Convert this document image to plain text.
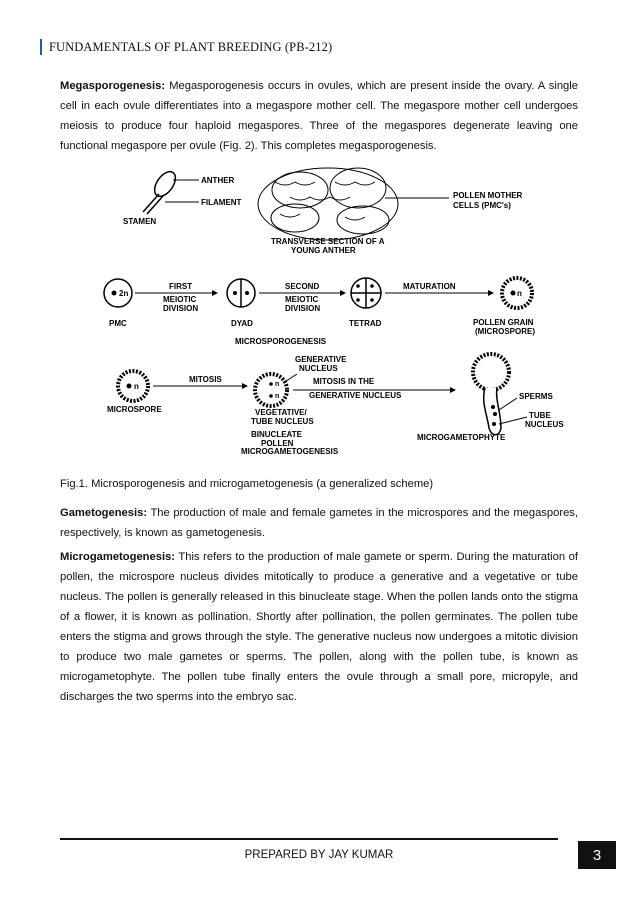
FUNDAMENTALS OF PLANT BREEDING (PB-212)
Megasporogenesis: Megasporogenesis occurs in ovules, which are present inside the ovary. A single cell in each ovule differentiates into a megaspore mother cell. The megaspore mother cell undergoes meiosis to produce four haploid megaspores. Three of the megaspores degenerate leaving one functional megaspore per ovule (Fig. 2). This completes megasporogenesis.
ANTHER
FILAMENT
STAMEN
POLLEN MOTHER
CELLS (PMC's)
TRANSVERSE SECTION OF A
YOUNG ANTHER
2n
FIRST
MEIOTIC
DIVISION
SECOND
MEIOTIC
DIVISION
MATURATION
n
PMC	DYAD	TETRAD	POLLEN GRAIN
(MICROSPORE)
MICROSPOROGENESIS
GENERATIVE
NUCLEUS
n
MITOSIS
n
n
MITOSIS IN THE
GENERATIVE NUCLEUS
MICROSPORE	VEGETATIVE/
TUBE NUCLEUS
BINUCLEATE
POLLEN
SPERMS
TUBE
NUCLEUS
MICROGAMETOPHYTE
MICROGAMETOGENESIS
Fig.1. Microsporogenesis and microgametogenesis (a generalized scheme)
Gametogenesis: The production of male and female gametes in the microspores and the megaspores, respectively, is known as gametogenesis.
Microgametogenesis: This refers to the production of male gamete or sperm. During the maturation of pollen, the microspore nucleus divides mitotically to produce a generative and a vegetative or tube nucleus. The pollen is generally released in this binucleate stage. When the pollen lands onto the stigma of a flower, it is known as pollination. Shortly after pollination, the pollen germinates. The pollen tube enters the stigma and grows through the style. The generative nucleus now undergoes a mitotic division to produce two male gametes or sperms. The pollen, along with the pollen tube, is known as microgametophyte. The pollen tube finally enters the ovule through a small pore, micropyle, and discharges the two sperms into the embryo sac.
PREPARED BY JAY KUMAR	3
